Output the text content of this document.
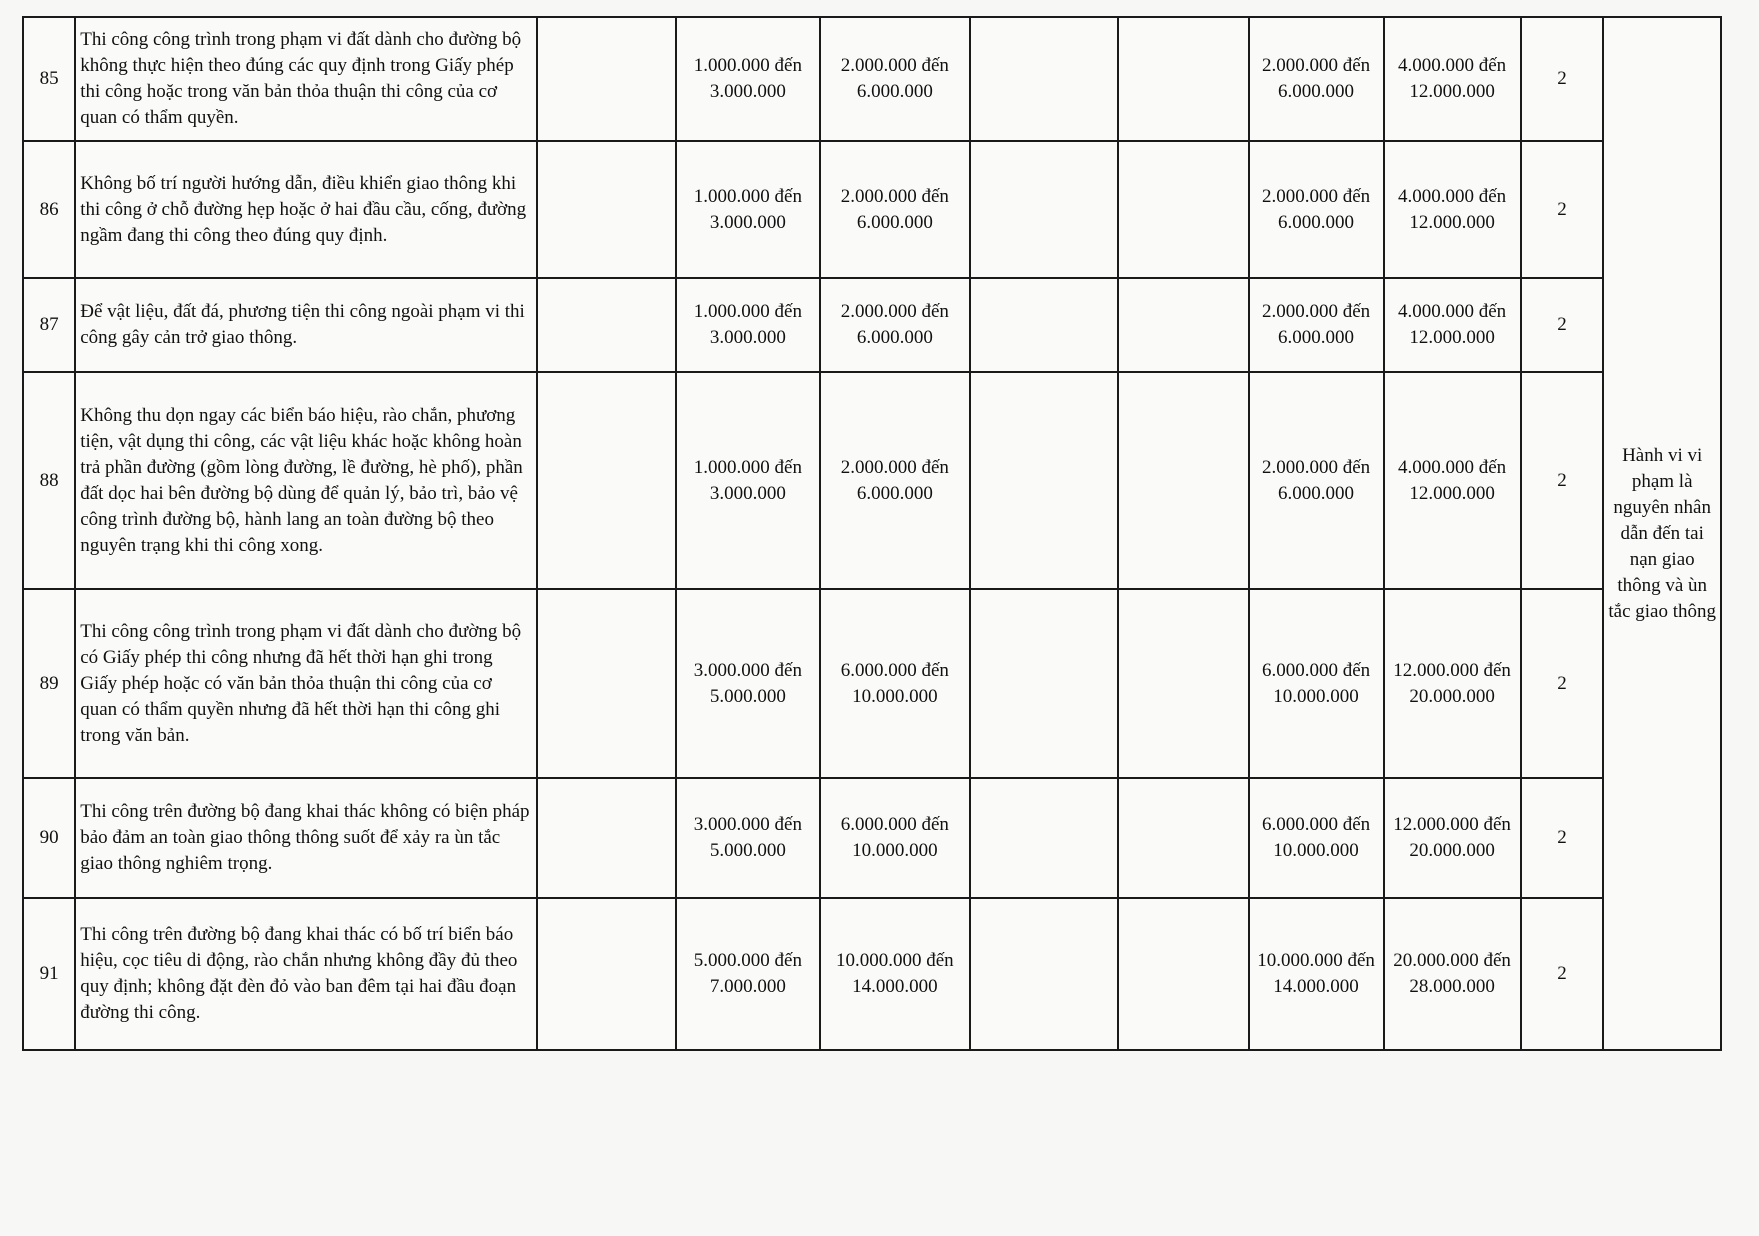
85	Thi công công trình trong phạm vi đất dành cho đường bộ không thực hiện theo đúng các quy định trong Giấy phép thi công hoặc trong văn bản thỏa thuận thi công của cơ quan có thẩm quyền.		1.000.000 đến 3.000.000	2.000.000 đến 6.000.000			2.000.000 đến 6.000.000	4.000.000 đến 12.000.000	2	Hành vi vi phạm là nguyên nhân dẫn đến tai nạn giao thông và ùn tắc giao thông
86	Không bố trí người hướng dẫn, điều khiển giao thông khi thi công ở chỗ đường hẹp hoặc ở hai đầu cầu, cống, đường ngầm đang thi công theo đúng quy định.		1.000.000 đến 3.000.000	2.000.000 đến 6.000.000			2.000.000 đến 6.000.000	4.000.000 đến 12.000.000	2	
87	Để vật liệu, đất đá, phương tiện thi công ngoài phạm vi thi công gây cản trở giao thông.		1.000.000 đến 3.000.000	2.000.000 đến 6.000.000			2.000.000 đến 6.000.000	4.000.000 đến 12.000.000	2	
88	Không thu dọn ngay các biển báo hiệu, rào chắn, phương tiện, vật dụng thi công, các vật liệu khác hoặc không hoàn trả phần đường (gồm lòng đường, lề đường, hè phố), phần đất dọc hai bên đường bộ dùng để quản lý, bảo trì, bảo vệ công trình đường bộ, hành lang an toàn đường bộ theo nguyên trạng khi thi công xong.		1.000.000 đến 3.000.000	2.000.000 đến 6.000.000			2.000.000 đến 6.000.000	4.000.000 đến 12.000.000	2	
89	Thi công công trình trong phạm vi đất dành cho đường bộ có Giấy phép thi công nhưng đã hết thời hạn ghi trong Giấy phép hoặc có văn bản thỏa thuận thi công của cơ quan có thẩm quyền nhưng đã hết thời hạn thi công ghi trong văn bản.		3.000.000 đến 5.000.000	6.000.000 đến 10.000.000			6.000.000 đến 10.000.000	12.000.000 đến 20.000.000	2	
90	Thi công trên đường bộ đang khai thác không có biện pháp bảo đảm an toàn giao thông thông suốt để xảy ra ùn tắc giao thông nghiêm trọng.		3.000.000 đến 5.000.000	6.000.000 đến 10.000.000			6.000.000 đến 10.000.000	12.000.000 đến 20.000.000	2	
91	Thi công trên đường bộ đang khai thác có bố trí biển báo hiệu, cọc tiêu di động, rào chắn nhưng không đầy đủ theo quy định; không đặt đèn đỏ vào ban đêm tại hai đầu đoạn đường thi công.		5.000.000 đến 7.000.000	10.000.000 đến 14.000.000			10.000.000 đến 14.000.000	20.000.000 đến 28.000.000	2	
